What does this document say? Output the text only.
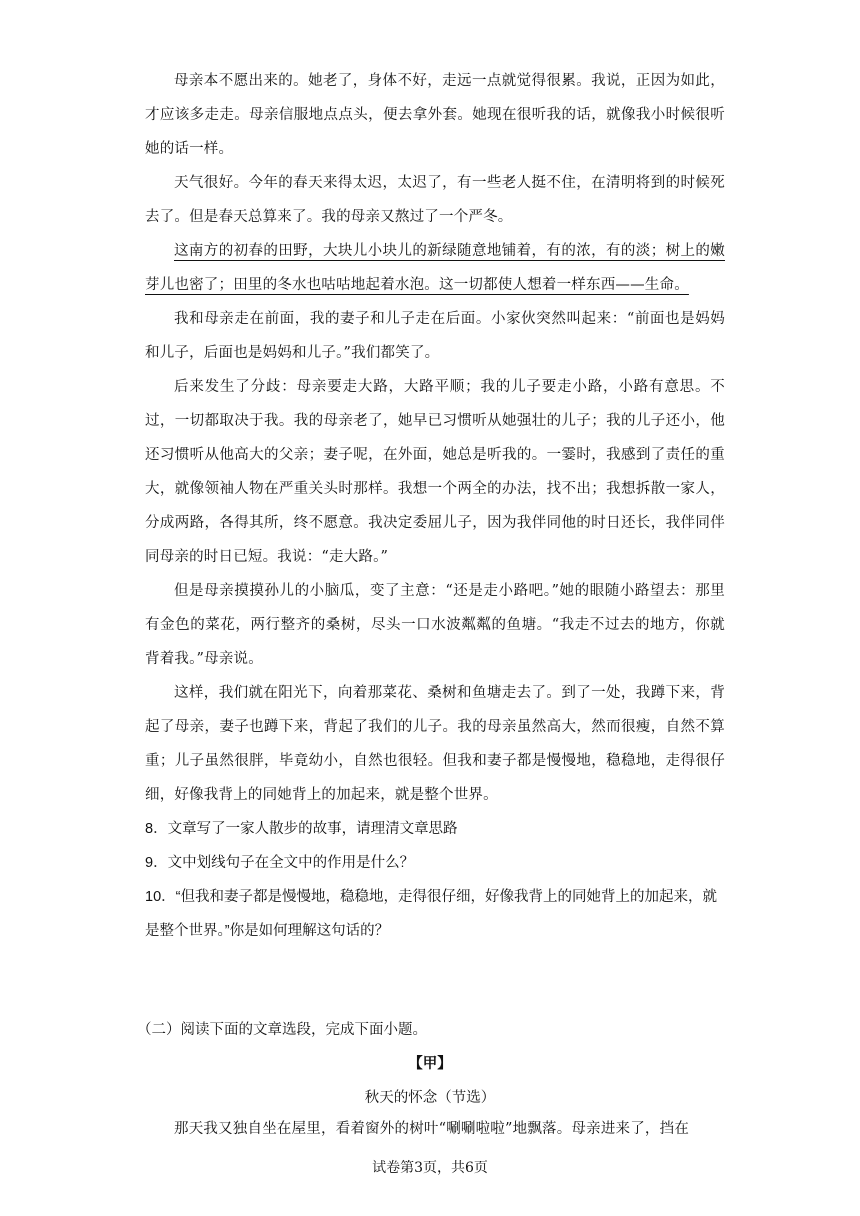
母亲本不愿出来的。她老了，身体不好，走远一点就觉得很累。我说，正因为如此，才应该多走走。母亲信服地点点头，便去拿外套。她现在很听我的话，就像我小时候很听她的话一样。

天气很好。今年的春天来得太迟，太迟了，有一些老人挺不住，在清明将到的时候死去了。但是春天总算来了。我的母亲又熬过了一个严冬。

这南方的初春的田野，大块儿小块儿的新绿随意地铺着，有的浓，有的淡；树上的嫩芽儿也密了；田里的冬水也咕咕地起着水泡。这一切都使人想着一样东西——生命。

我和母亲走在前面，我的妻子和儿子走在后面。小家伙突然叫起来：“前面也是妈妈和儿子，后面也是妈妈和儿子。”我们都笑了。

后来发生了分歧：母亲要走大路，大路平顺；我的儿子要走小路，小路有意思。不过，一切都取决于我。我的母亲老了，她早已习惯听从她强壮的儿子；我的儿子还小，他还习惯听从他高大的父亲；妻子呢，在外面，她总是听我的。一霎时，我感到了责任的重大，就像领袖人物在严重关头时那样。我想一个两全的办法，找不出；我想拆散一家人，分成两路，各得其所，终不愿意。我决定委屈儿子，因为我伴同他的时日还长，我伴同伴同母亲的时日已短。我说：“走大路。”

但是母亲摸摸孙儿的小脑瓜，变了主意：“还是走小路吧。”她的眼随小路望去：那里有金色的菜花，两行整齐的桑树，尽头一口水波粼粼的鱼塘。“我走不过去的地方，你就背着我。”母亲说。

这样，我们就在阳光下，向着那菜花、桑树和鱼塘走去了。到了一处，我蹲下来，背起了母亲，妻子也蹲下来，背起了我们的儿子。我的母亲虽然高大，然而很瘦，自然不算重；儿子虽然很胖，毕竟幼小，自然也很轻。但我和妻子都是慢慢地，稳稳地，走得很仔细，好像我背上的同她背上的加起来，就是整个世界。

8．文章写了一家人散步的故事，请理清文章思路

9．文中划线句子在全文中的作用是什么？

10．“但我和妻子都是慢慢地，稳稳地，走得很仔细，好像我背上的同她背上的加起来，就是整个世界。”你是如何理解这句话的？

（二）阅读下面的文章选段，完成下面小题。

【甲】

秋天的怀念（节选）

那天我又独自坐在屋里，看着窗外的树叶“唰唰啦啦”地飘落。母亲进来了，挡在

试卷第3页，共6页
